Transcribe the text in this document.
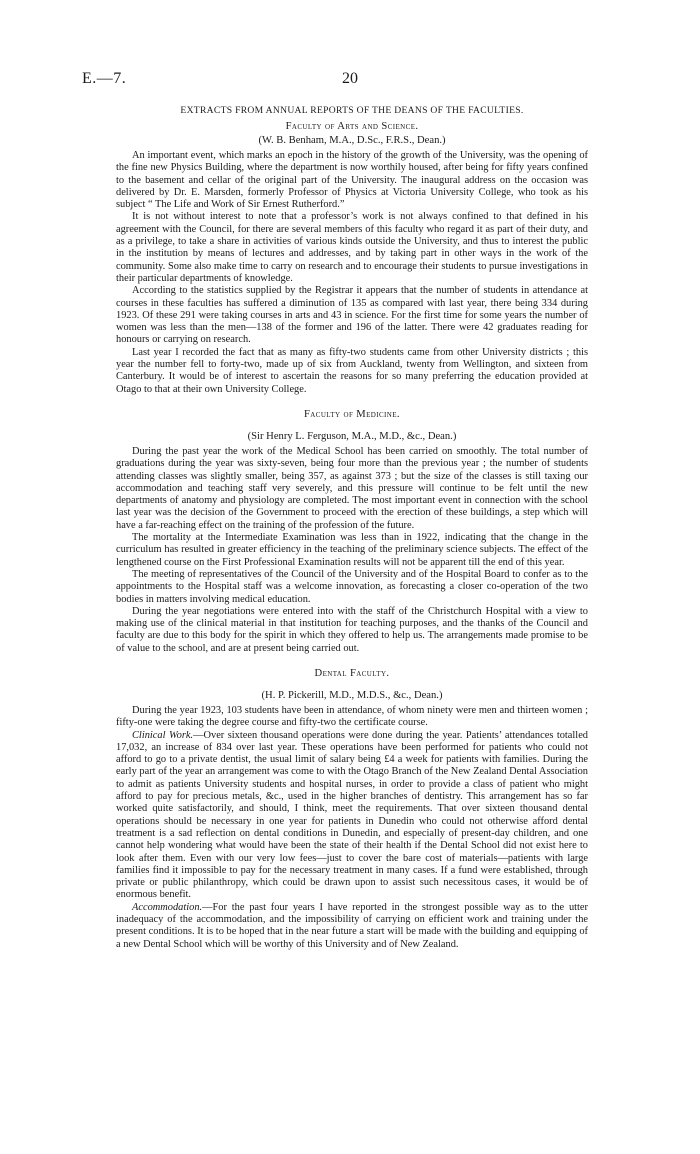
E.—7.	20
EXTRACTS FROM ANNUAL REPORTS OF THE DEANS OF THE FACULTIES.
Faculty of Arts and Science.
(W. B. Benham, M.A., D.Sc., F.R.S., Dean.)

An important event, which marks an epoch in the history of the growth of the University, was the opening of the fine new Physics Building, where the department is now worthily housed, after being for fifty years confined to the basement and cellar of the original part of the University. The inaugural address on the occasion was delivered by Dr. E. Marsden, formerly Professor of Physics at Victoria University College, who took as his subject “ The Life and Work of Sir Ernest Rutherford.”

It is not without interest to note that a professor’s work is not always confined to that defined in his agreement with the Council, for there are several members of this faculty who regard it as part of their duty, and as a privilege, to take a share in activities of various kinds outside the University, and thus to interest the public in the institution by means of lectures and addresses, and by taking part in other ways in the work of the community. Some also make time to carry on research and to encourage their students to pursue investigations in their particular departments of knowledge.

According to the statistics supplied by the Registrar it appears that the number of students in attendance at courses in these faculties has suffered a diminution of 135 as compared with last year, there being 334 during 1923. Of these 291 were taking courses in arts and 43 in science. For the first time for some years the number of women was less than the men—138 of the former and 196 of the latter. There were 42 graduates reading for honours or carrying on research.

Last year I recorded the fact that as many as fifty-two students came from other University districts ; this year the number fell to forty-two, made up of six from Auckland, twenty from Wellington, and sixteen from Canterbury. It would be of interest to ascertain the reasons for so many preferring the education provided at Otago to that at their own University College.

Faculty of Medicine.
(Sir Henry L. Ferguson, M.A., M.D., &c., Dean.)

During the past year the work of the Medical School has been carried on smoothly. The total number of graduations during the year was sixty-seven, being four more than the previous year ; the number of students attending classes was slightly smaller, being 357, as against 373 ; but the size of the classes is still taxing our accommodation and teaching staff very severely, and this pressure will continue to be felt until the new departments of anatomy and physiology are completed. The most important event in connection with the school last year was the decision of the Government to proceed with the erection of these buildings, a step which will have a far-reaching effect on the training of the profession of the future.

The mortality at the Intermediate Examination was less than in 1922, indicating that the change in the curriculum has resulted in greater efficiency in the teaching of the preliminary science subjects. The effect of the lengthened course on the First Professional Examination results will not be apparent till the end of this year.

The meeting of representatives of the Council of the University and of the Hospital Board to confer as to the appointments to the Hospital staff was a welcome innovation, as forecasting a closer co-operation of the two bodies in matters involving medical education.

During the year negotiations were entered into with the staff of the Christchurch Hospital with a view to making use of the clinical material in that institution for teaching purposes, and the thanks of the Council and faculty are due to this body for the spirit in which they offered to help us. The arrangements made promise to be of value to the school, and are at present being carried out.

Dental Faculty.
(H. P. Pickerill, M.D., M.D.S., &c., Dean.)

During the year 1923, 103 students have been in attendance, of whom ninety were men and thirteen women ; fifty-one were taking the degree course and fifty-two the certificate course.

Clinical Work.—Over sixteen thousand operations were done during the year. Patients’ attendances totalled 17,032, an increase of 834 over last year. These operations have been performed for patients who could not afford to go to a private dentist, the usual limit of salary being £4 a week for patients with families. During the early part of the year an arrangement was come to with the Otago Branch of the New Zealand Dental Association to admit as patients University students and hospital nurses, in order to provide a class of patient who might afford to pay for precious metals, &c., used in the higher branches of dentistry. This arrangement has so far worked quite satisfactorily, and should, I think, meet the requirements. That over sixteen thousand dental operations should be necessary in one year for patients in Dunedin who could not otherwise afford dental treatment is a sad reflection on dental conditions in Dunedin, and especially of present-day children, and one cannot help wondering what would have been the state of their health if the Dental School did not exist here to look after them. Even with our very low fees—just to cover the bare cost of materials—patients with large families find it impossible to pay for the necessary treatment in many cases. If a fund were established, through private or public philanthropy, which could be drawn upon to assist such necessitous cases, it would be of enormous benefit.

Accommodation.—For the past four years I have reported in the strongest possible way as to the utter inadequacy of the accommodation, and the impossibility of carrying on efficient work and training under the present conditions. It is to be hoped that in the near future a start will be made with the building and equipping of a new Dental School which will be worthy of this University and of New Zealand.
